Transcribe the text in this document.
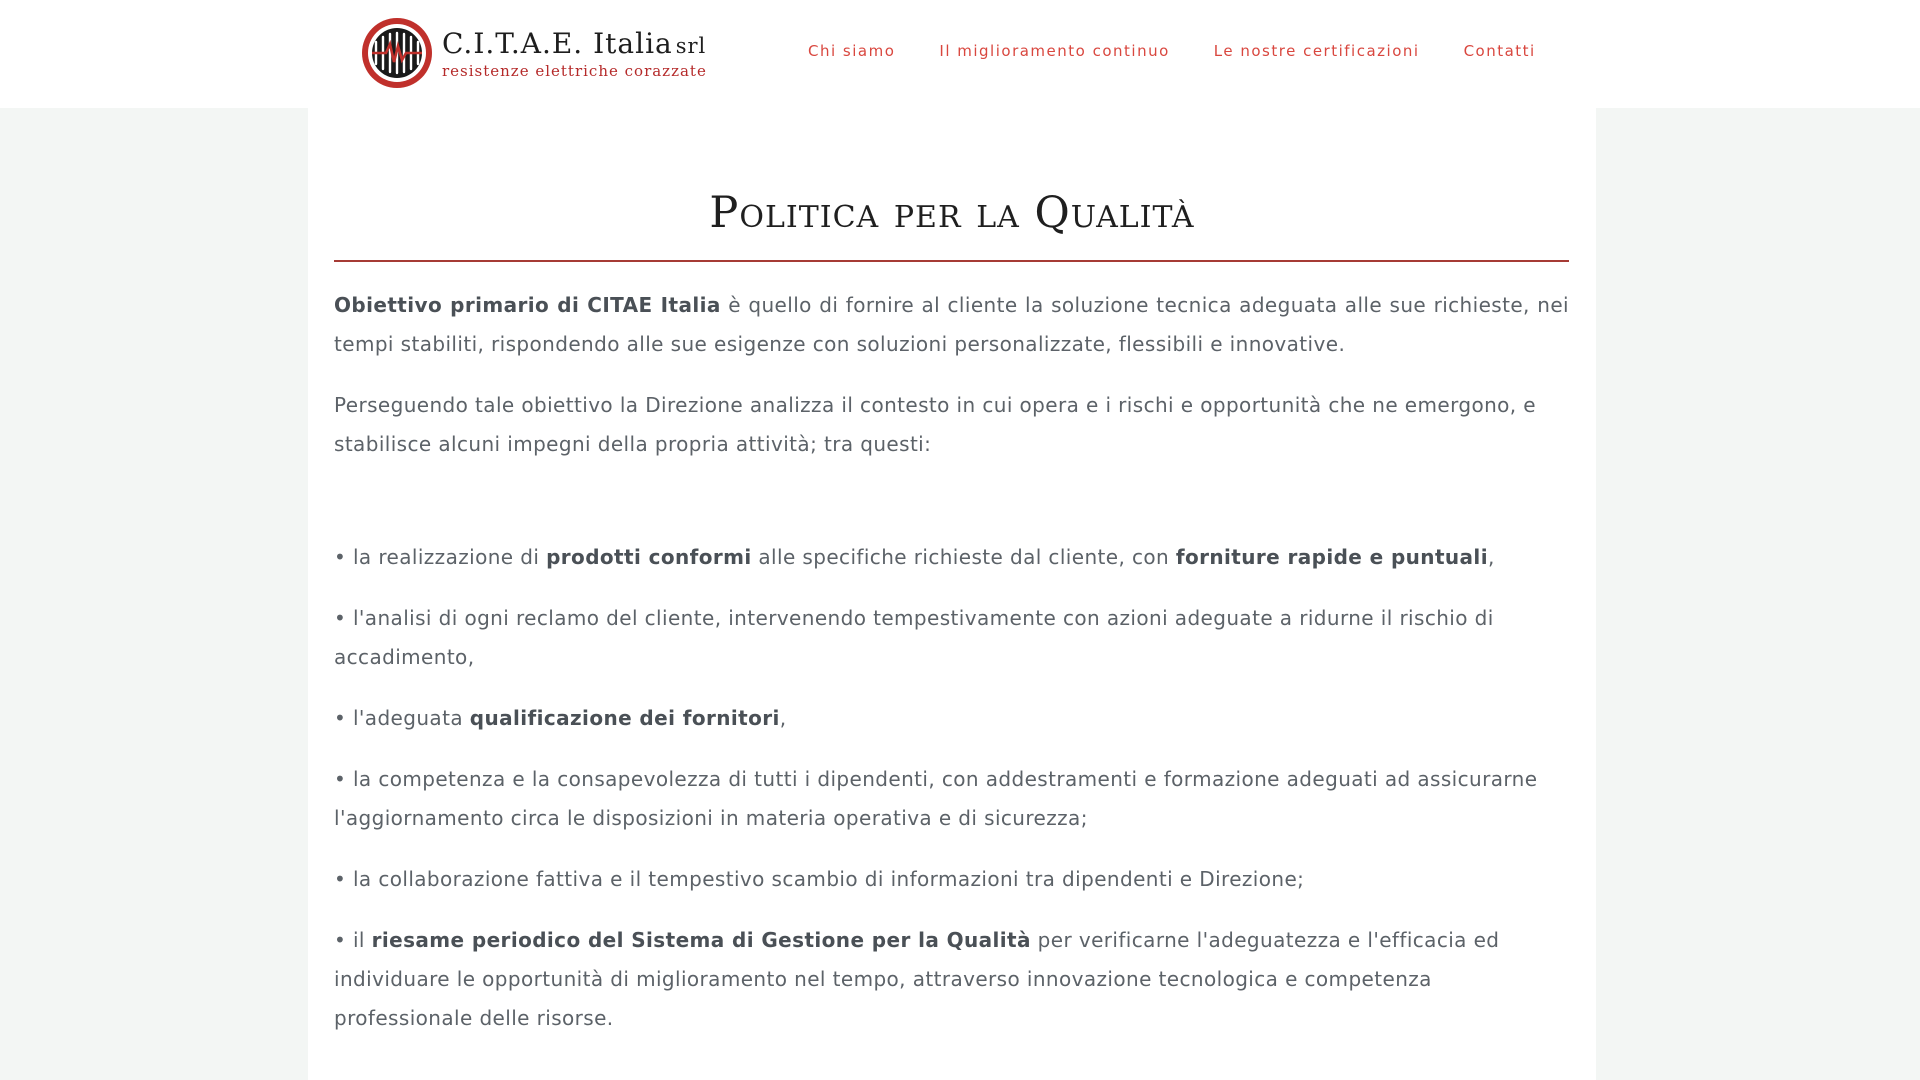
C.I.T.A.E. Italia srl
resistenze elettriche corazzate
Chi siamo	Il miglioramento continuo	Le nostre certificazioni	Contatti
Politica per la Qualità

Obiettivo primario di CITAE Italia è quello di fornire al cliente la soluzione tecnica adeguata alle sue richieste, nei tempi stabiliti, rispondendo alle sue esigenze con soluzioni personalizzate, flessibili e innovative.

Perseguendo tale obiettivo la Direzione analizza il contesto in cui opera e i rischi e opportunità che ne emergono, e stabilisce alcuni impegni della propria attività; tra questi:

• la realizzazione di prodotti conformi alle specifiche richieste dal cliente, con forniture rapide e puntuali,

• l'analisi di ogni reclamo del cliente, intervenendo tempestivamente con azioni adeguate a ridurne il rischio di accadimento,

• l'adeguata qualificazione dei fornitori,

• la competenza e la consapevolezza di tutti i dipendenti, con addestramenti e formazione adeguati ad assicurarne l'aggiornamento circa le disposizioni in materia operativa e di sicurezza;

• la collaborazione fattiva e il tempestivo scambio di informazioni tra dipendenti e Direzione;

• il riesame periodico del Sistema di Gestione per la Qualità per verificarne l'adeguatezza e l'efficacia ed individuare le opportunità di miglioramento nel tempo, attraverso innovazione tecnologica e competenza professionale delle risorse.
